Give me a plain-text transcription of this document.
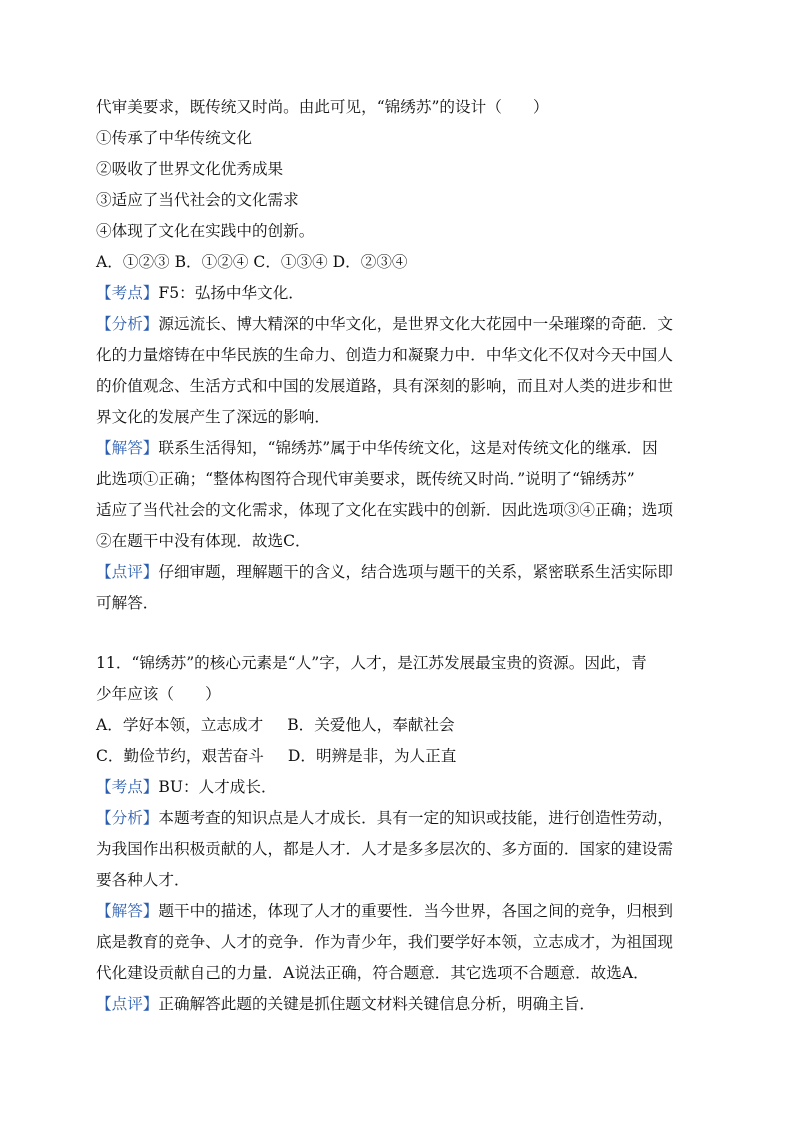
代审美要求，既传统又时尚。由此可见，“锦绣苏”的设计（　　）
①传承了中华传统文化
②吸收了世界文化优秀成果
③适应了当代社会的文化需求
④体现了文化在实践中的创新。
A．①②③ B．①②④ C．①③④ D．②③④
【考点】F5：弘扬中华文化．
【分析】源远流长、博大精深的中华文化，是世界文化大花园中一朵璀璨的奇葩．文
化的力量熔铸在中华民族的生命力、创造力和凝聚力中．中华文化不仅对今天中国人
的价值观念、生活方式和中国的发展道路，具有深刻的影响，而且对人类的进步和世
界文化的发展产生了深远的影响．
【解答】联系生活得知，“锦绣苏”属于中华传统文化，这是对传统文化的继承．因
此选项①正确；“整体构图符合现代审美要求，既传统又时尚．”说明了“锦绣苏”
适应了当代社会的文化需求，体现了文化在实践中的创新．因此选项③④正确；选项
②在题干中没有体现．故选C．
【点评】仔细审题，理解题干的含义，结合选项与题干的关系，紧密联系生活实际即
可解答．
11．“锦绣苏”的核心元素是“人”字，人才，是江苏发展最宝贵的资源。因此，青
少年应该（　　）
A．学好本领，立志成才 B．关爱他人，奉献社会
C．勤俭节约，艰苦奋斗 D．明辨是非，为人正直
【考点】BU：人才成长．
【分析】本题考查的知识点是人才成长．具有一定的知识或技能，进行创造性劳动，
为我国作出积极贡献的人，都是人才．人才是多多层次的、多方面的．国家的建设需
要各种人才．
【解答】题干中的描述，体现了人才的重要性．当今世界，各国之间的竞争，归根到
底是教育的竞争、人才的竞争．作为青少年，我们要学好本领，立志成才，为祖国现
代化建设贡献自己的力量．A说法正确，符合题意．其它选项不合题意．故选A．
【点评】正确解答此题的关键是抓住题文材料关键信息分析，明确主旨．
